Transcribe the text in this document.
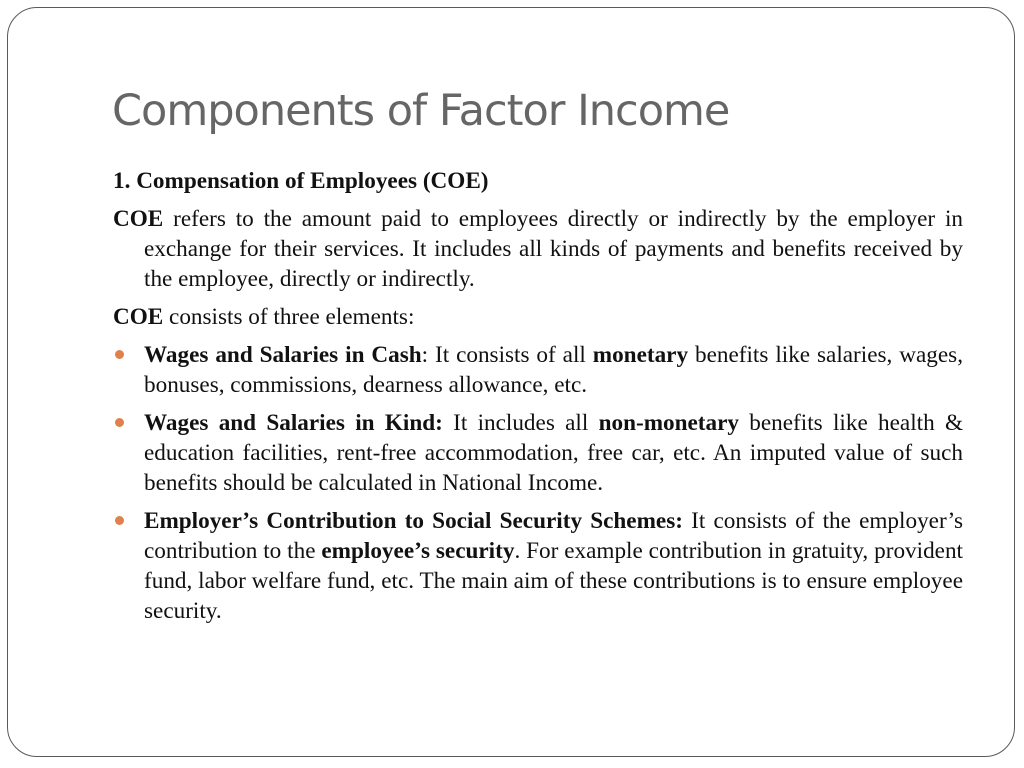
Components of Factor Income

1. Compensation of Employees (COE)

COE refers to the amount paid to employees directly or indirectly by the employer in exchange for their services. It includes all kinds of payments and benefits received by the employee, directly or indirectly.

COE consists of three elements:

Wages and Salaries in Cash: It consists of all monetary benefits like salaries, wages, bonuses, commissions, dearness allowance, etc.
Wages and Salaries in Kind: It includes all non-monetary benefits like health & education facilities, rent-free accommodation, free car, etc. An imputed value of such benefits should be calculated in National Income.
Employer’s Contribution to Social Security Schemes: It consists of the employer’s contribution to the employee’s security. For example contribution in gratuity, provident fund, labor welfare fund, etc. The main aim of these contributions is to ensure employee security.
